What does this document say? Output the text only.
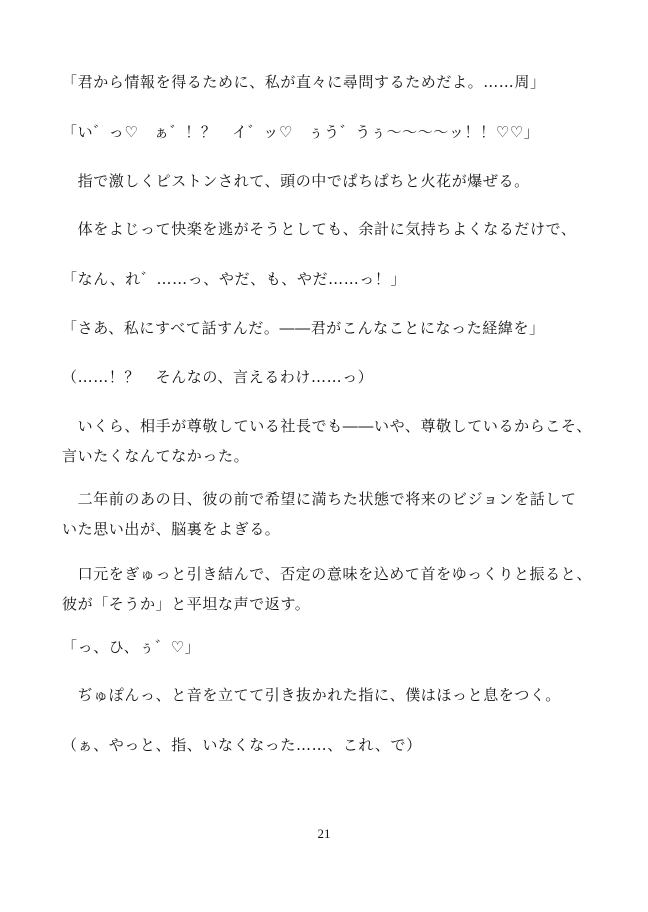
「君から情報を得るために、私が直々に尋問するためだよ。……周」

「い゛っ♡　ぁ゛！？　イ゛ッ♡　ぅう゛うぅ〜〜〜〜ッ！！♡♡」

　指で激しくピストンされて、頭の中でぱちぱちと火花が爆ぜる。

　体をよじって快楽を逃がそうとしても、余計に気持ちよくなるだけで、

「なん、れ゛……っ、やだ、も、やだ……っ！」

「さあ、私にすべて話すんだ。――君がこんなことになった経緯を」

（……！？　そんなの、言えるわけ……っ）

　いくら、相手が尊敬している社長でも――いや、尊敬しているからこそ、言いたくなんてなかった。

　二年前のあの日、彼の前で希望に満ちた状態で将来のビジョンを話していた思い出が、脳裏をよぎる。

　口元をぎゅっと引き結んで、否定の意味を込めて首をゆっくりと振ると、彼が「そうか」と平坦な声で返す。

「っ、ひ、ぅ゛♡」

　ぢゅぽんっ、と音を立てて引き抜かれた指に、僕はほっと息をつく。

（ぁ、やっと、指、いなくなった……、これ、で）

21
